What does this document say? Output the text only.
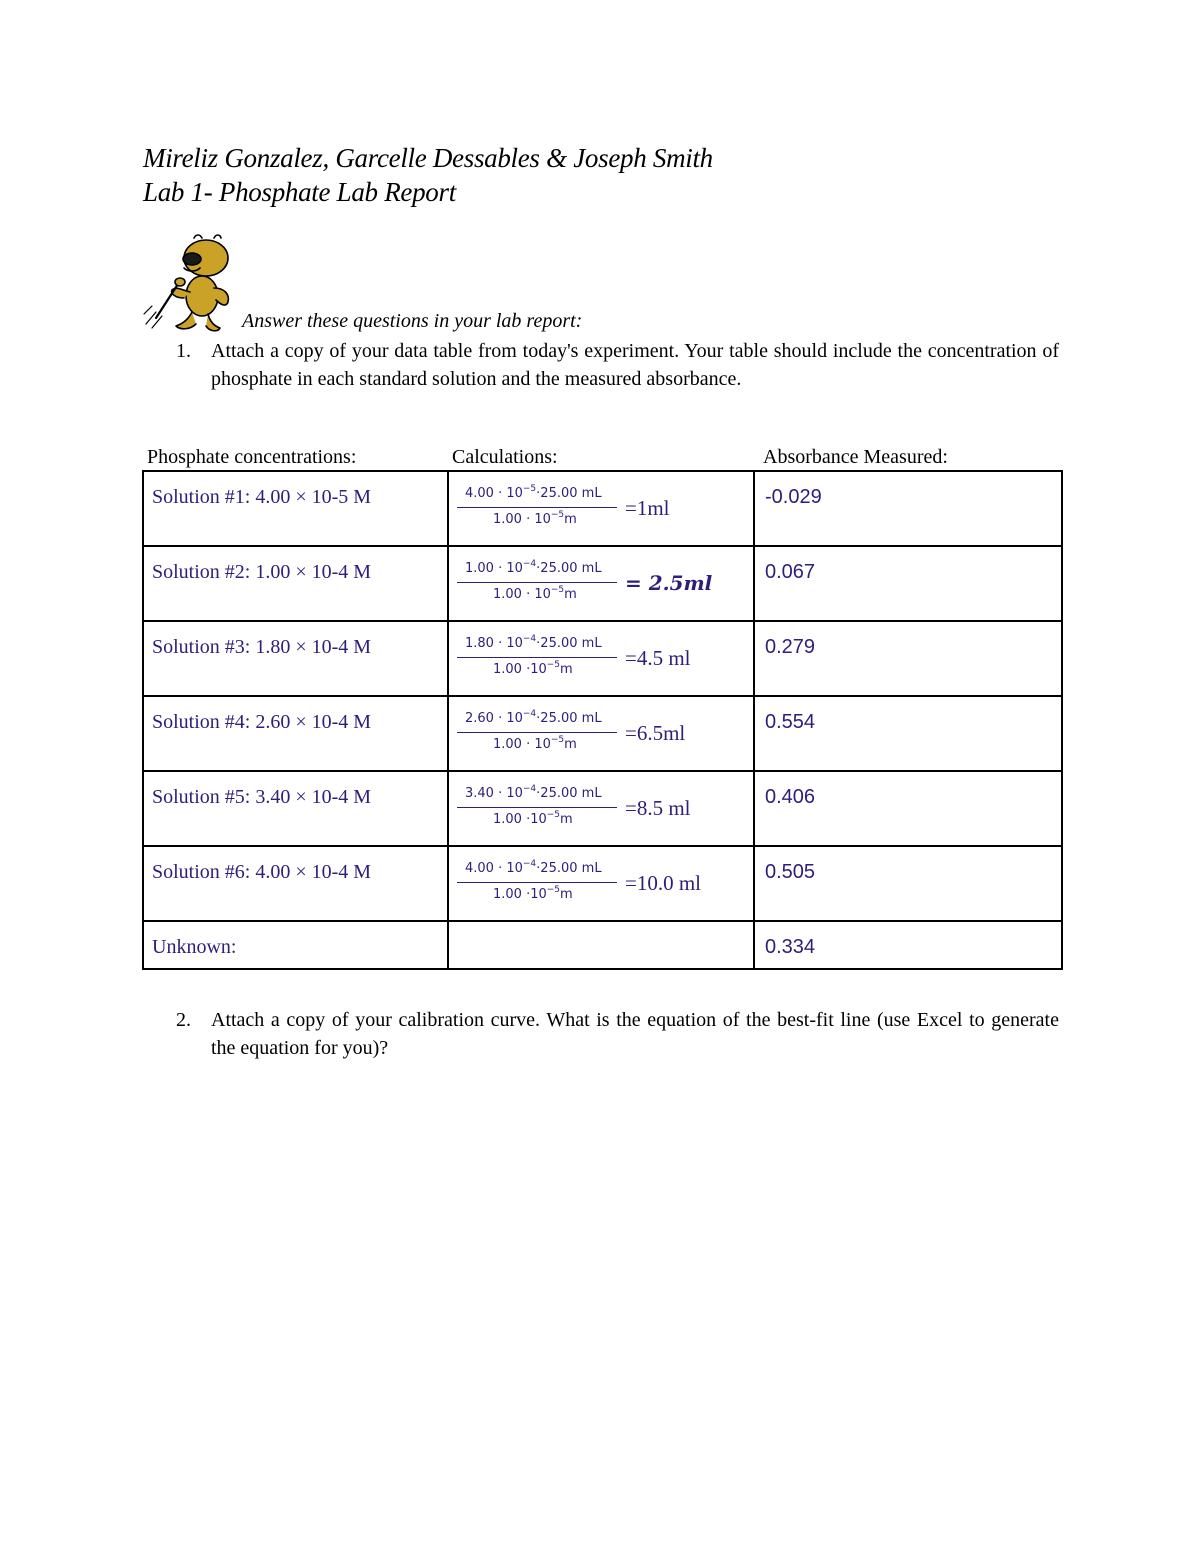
Mireliz Gonzalez, Garcelle Dessables & Joseph Smith
Lab 1- Phosphate Lab Report
Answer these questions in your lab report:
1. Attach a copy of your data table from today's experiment. Your table should include the concentration of phosphate in each standard solution and the measured absorbance.
Phosphate concentrations:	Calculations:	Absorbance Measured:
Solution #1: 4.00 × 10-5 M	$4.00 \cdot 10^{-5}\cdot 25.00$ mL
$1.00 \cdot 10^{-5}m =1ml$	-0.029

Solution #2: 1.00 × 10-4 M	$1.00 \cdot 10^{-4}\cdot 25.00$ mL
$1.00 \cdot 10^{-5}m = 2.5ml$	0.067

Solution #3: 1.80 × 10-4 M	$1.80 \cdot 10^{-4}\cdot 25.00$ mL
$1.00 \cdot 10^{-5}m =4.5$ ml	0.279

Solution #4: 2.60 × 10-4 M	$2.60 \cdot 10^{-4}\cdot 25.00$ mL
$1.00 \cdot 10^{-5}m =6.5ml$	0.554

Solution #5: 3.40 × 10-4 M	$3.40 \cdot 10^{-4}\cdot 25.00$ mL
$1.00 \cdot 10^{-5}m =8.5$ ml	0.406

Solution #6: 4.00 × 10-4 M	$4.00 \cdot 10^{-4}\cdot 25.00$ mL
$1.00 \cdot 10^{-5}m =10.0$ ml	0.505

Unknown:		0.334
2. Attach a copy of your calibration curve. What is the equation of the best-fit line (use Excel to generate the equation for you)?
